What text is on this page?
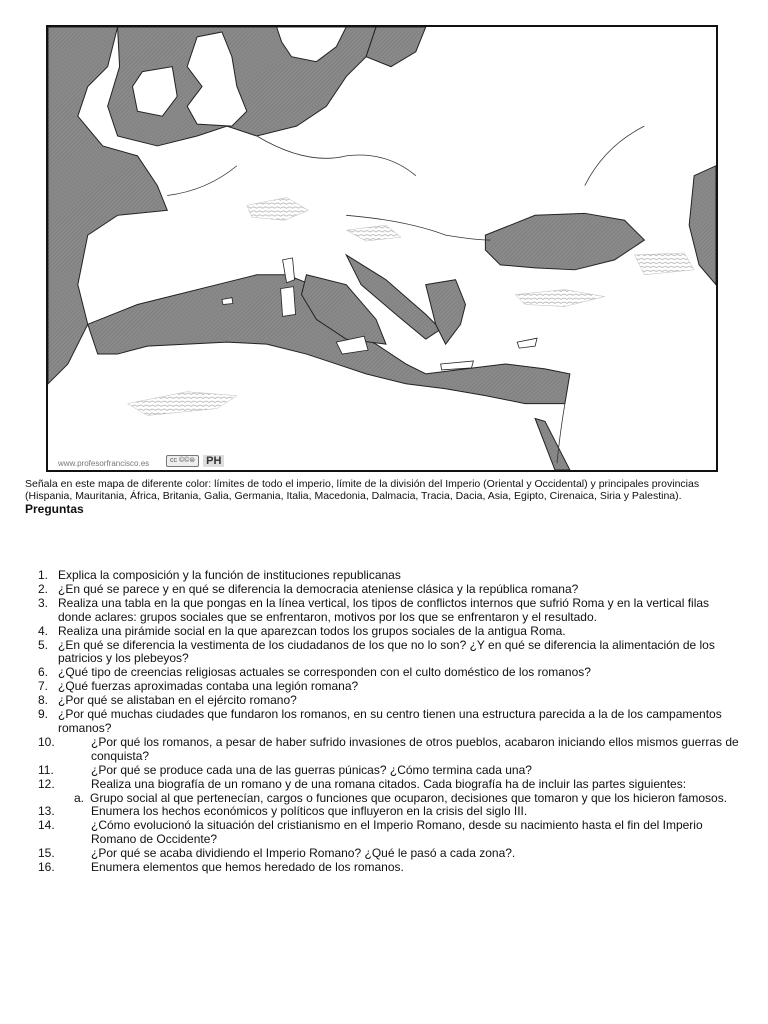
www.profesorfrancisco.es	cc ©©⊜	PH
Señala en este mapa de diferente color: límites de todo el imperio, límite de la división del Imperio (Oriental y Occidental) y principales provincias (Hispania, Mauritania, África, Britania, Galia, Germania, Italia, Macedonia, Dalmacia, Tracia, Dacia, Asia, Egipto, Cirenaica, Siria y Palestina).
Preguntas
1. Explica la composición y la función de instituciones republicanas
2. ¿En qué se parece y en qué se diferencia la democracia ateniense clásica y la república romana?
3. Realiza una tabla en la que pongas en la línea vertical, los tipos de conflictos internos que sufrió Roma y en la vertical filas donde aclares: grupos sociales que se enfrentaron, motivos por los que se enfrentaron y el resultado.
4. Realiza una pirámide social en la que aparezcan todos los grupos sociales de la antigua Roma.
5. ¿En qué se diferencia la vestimenta de los ciudadanos de los que no lo son? ¿Y en qué se diferencia la alimentación de los patricios y los plebeyos?
6. ¿Qué tipo de creencias religiosas actuales se corresponden con el culto doméstico de los romanos?
7. ¿Qué fuerzas aproximadas contaba una legión romana?
8. ¿Por qué se alistaban en el ejército romano?
9. ¿Por qué muchas ciudades que fundaron los romanos, en su centro tienen una estructura parecida a la de los campamentos romanos?
10.	¿Por qué los romanos, a pesar de haber sufrido invasiones de otros pueblos, acabaron iniciando ellos mismos guerras de conquista?
11.	¿Por qué se produce cada una de las guerras púnicas? ¿Cómo termina cada una?
12.	Realiza una biografía de un romano y de una romana citados. Cada biografía ha de incluir las partes siguientes:
a. Grupo social al que pertenecían, cargos o funciones que ocuparon, decisiones que tomaron y que los hicieron famosos.
13.	Enumera los hechos económicos y políticos que influyeron en la crisis del siglo III.
14.	¿Cómo evolucionó la situación del cristianismo en el Imperio Romano, desde su nacimiento hasta el fin del Imperio Romano de Occidente?
15.	¿Por qué se acaba dividiendo el Imperio Romano? ¿Qué le pasó a cada zona?.
16.	Enumera elementos que hemos heredado de los romanos.
